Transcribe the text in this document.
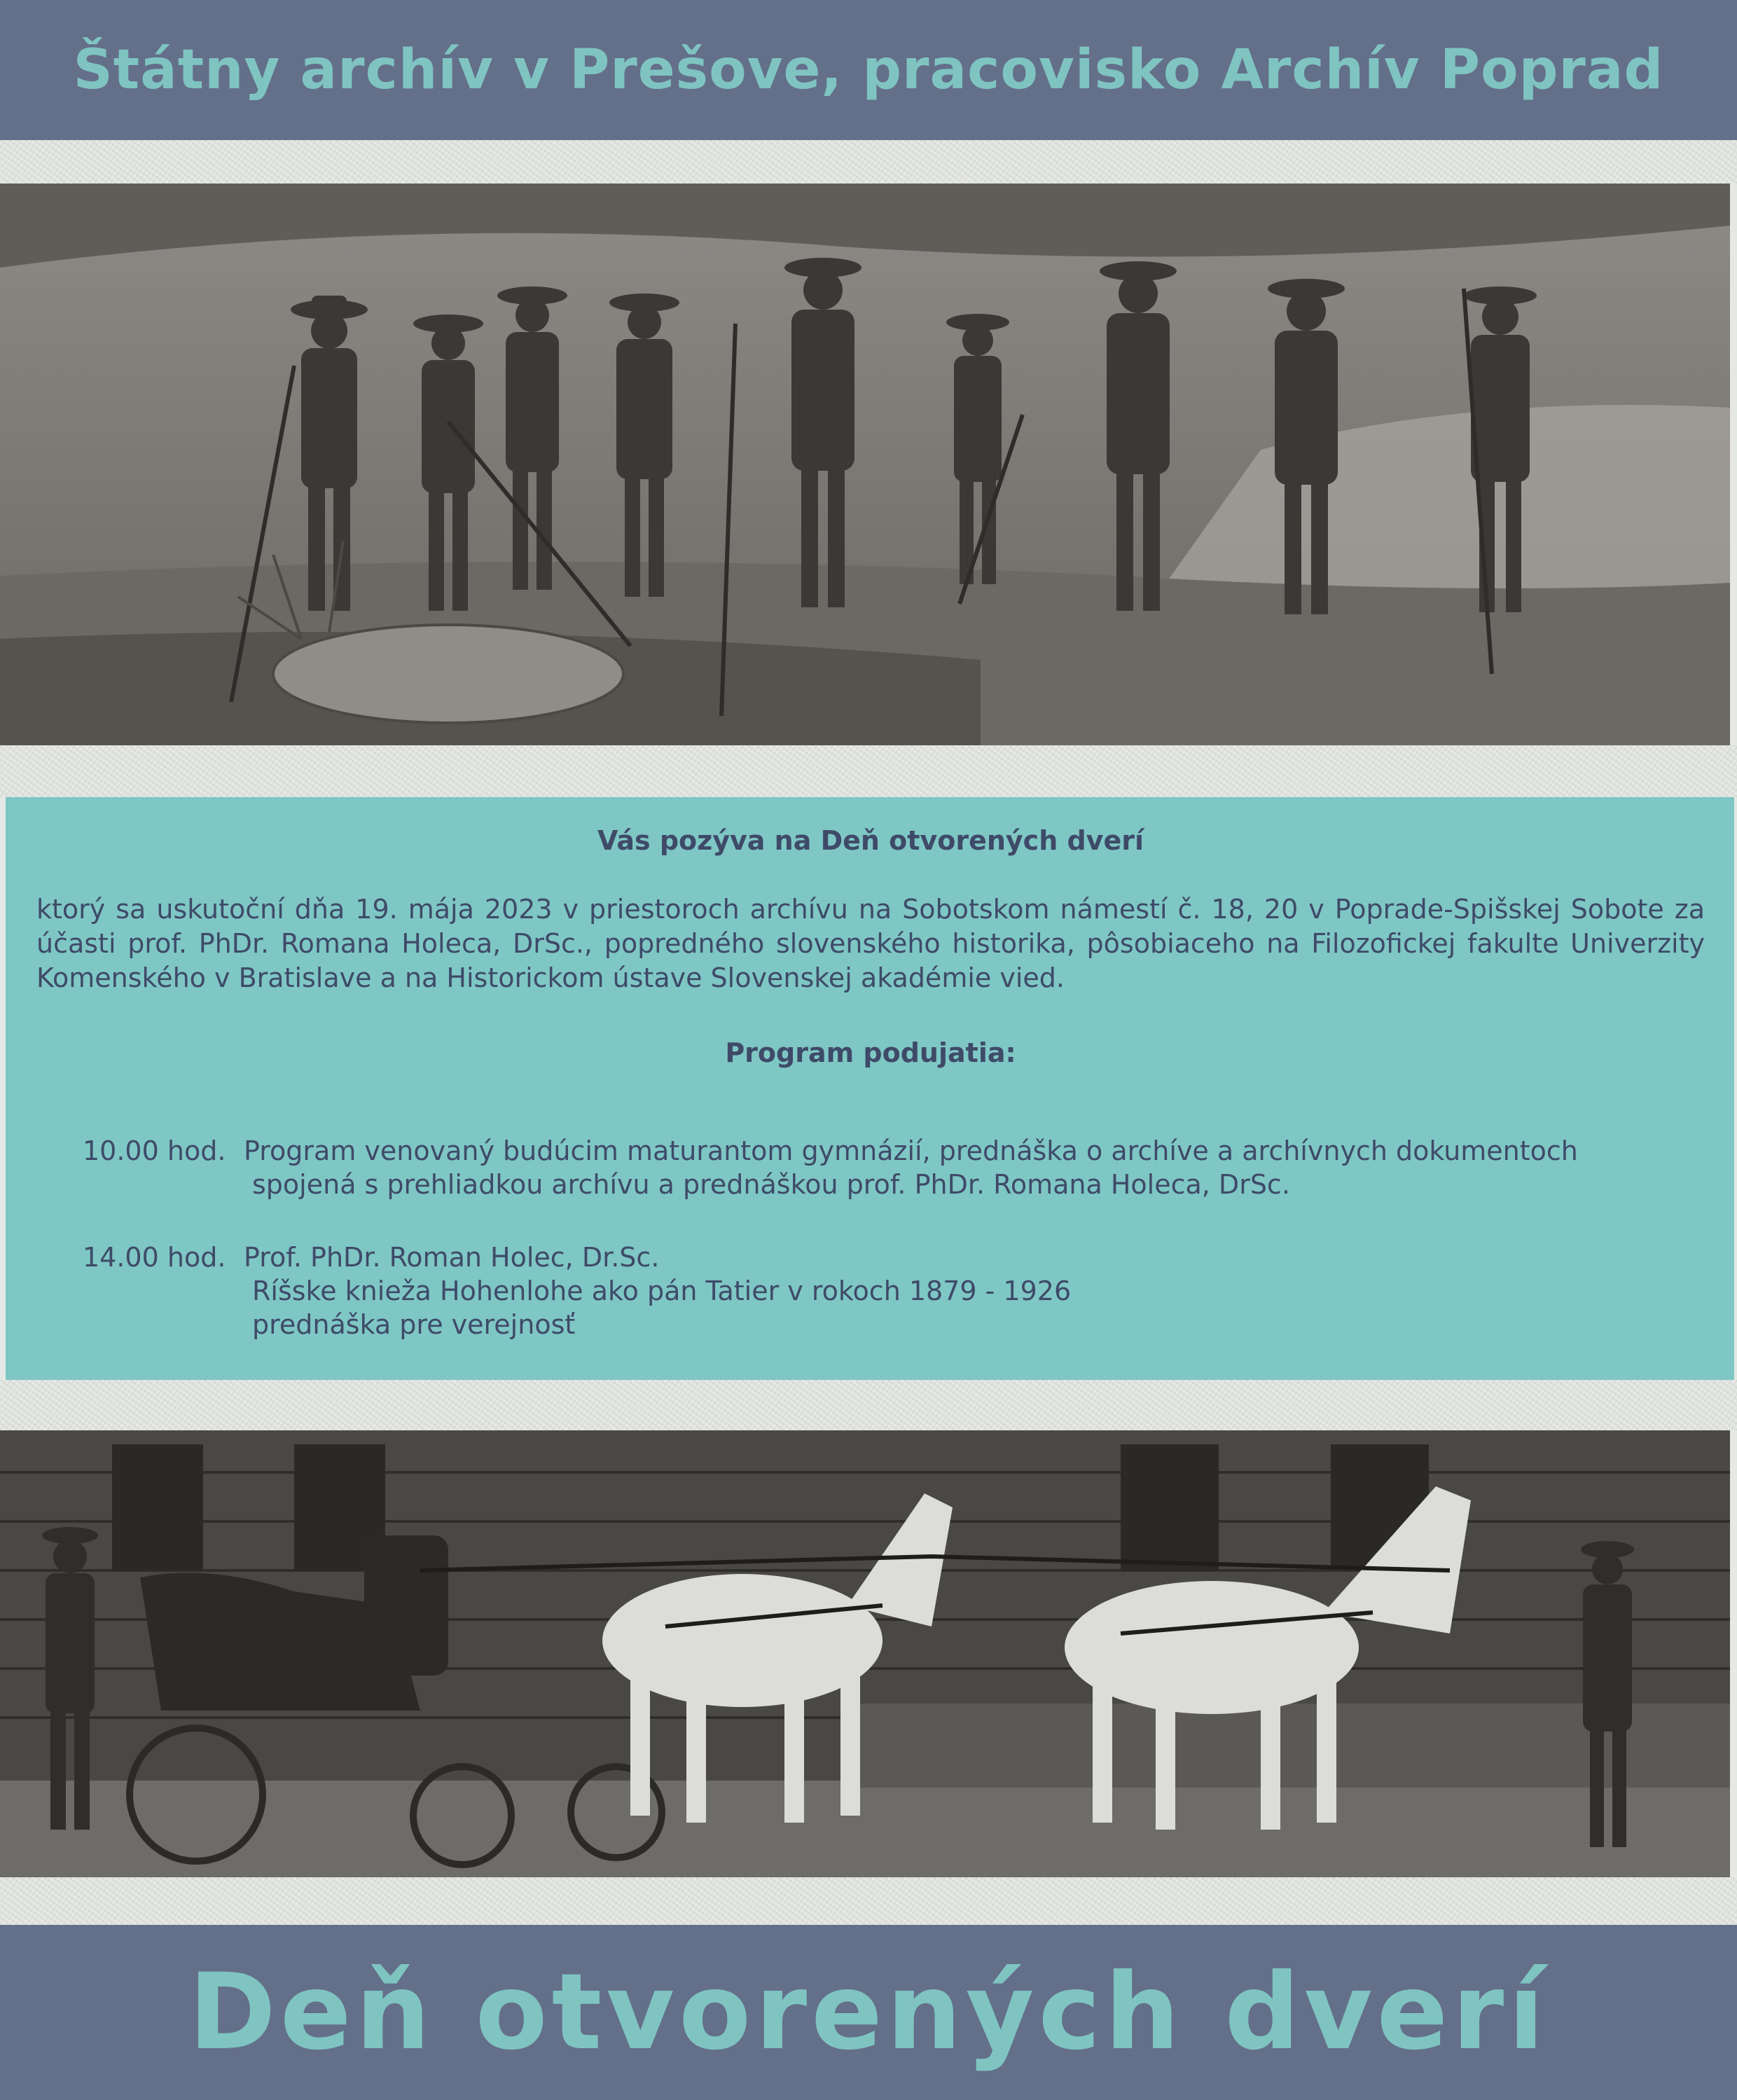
Štátny archív v Prešove, pracovisko Archív Poprad
Vás pozýva na Deň otvorených dverí
ktorý sa uskutoční dňa 19. mája 2023 v priestoroch archívu na Sobotskom námestí č. 18, 20 v Poprade-Spišskej Sobote za účasti prof. PhDr. Romana Holeca, DrSc., popredného slovenského historika, pôsobiaceho na Filozofickej fakulte Univerzity Komenského v Bratislave a na Historickom ústave Slovenskej akadémie vied.
Program podujatia:
10.00 hod. Program venovaný budúcim maturantom gymnázií, prednáška o archíve a archívnych dokumentoch
spojená s prehliadkou archívu a prednáškou prof. PhDr. Romana Holeca, DrSc.
14.00 hod. Prof. PhDr. Roman Holec, Dr.Sc.
Ríšske knieža Hohenlohe ako pán Tatier v rokoch 1879 - 1926
prednáška pre verejnosť
Deň otvorených dverí
